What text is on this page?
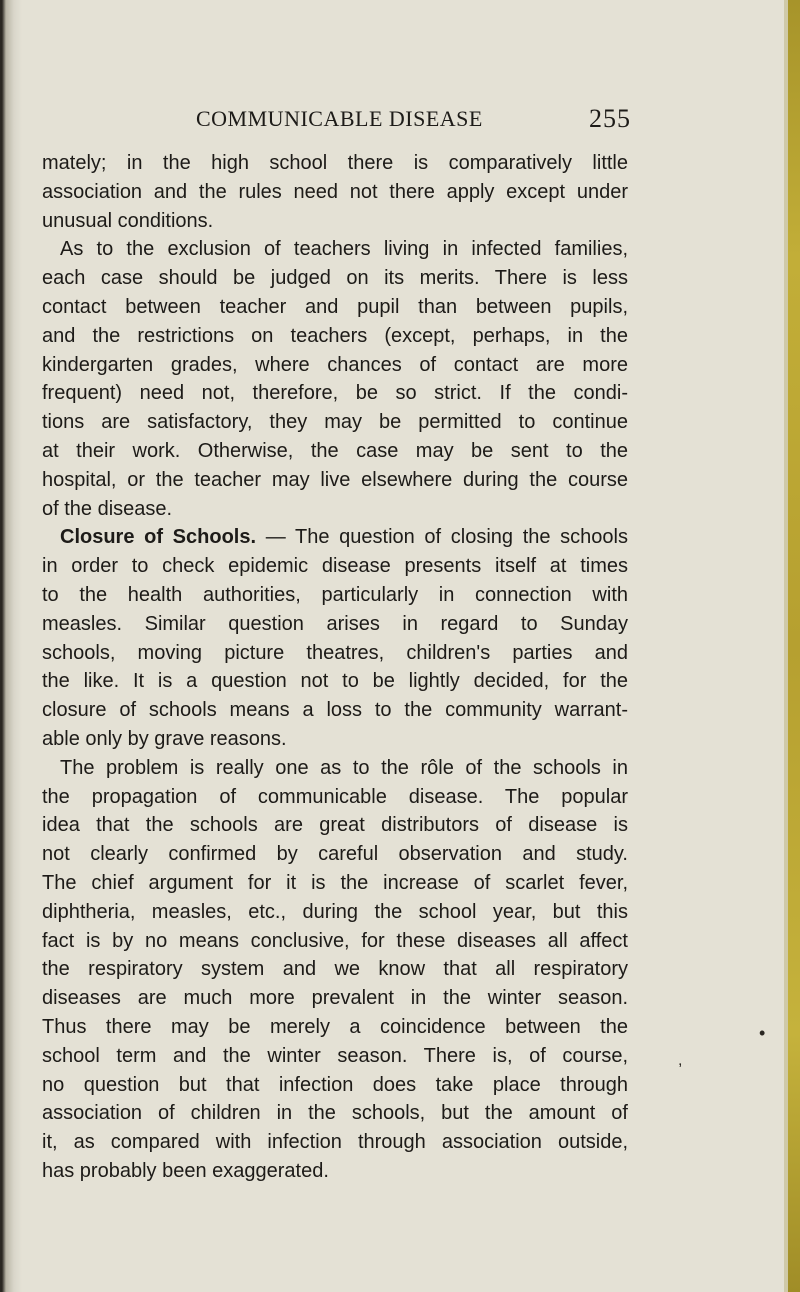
COMMUNICABLE DISEASE	255
mately; in the high school there is comparatively little
association and the rules need not there apply except under
unusual conditions.
As to the exclusion of teachers living in infected families,
each case should be judged on its merits. There is less
contact between teacher and pupil than between pupils,
and the restrictions on teachers (except, perhaps, in the
kindergarten grades, where chances of contact are more
frequent) need not, therefore, be so strict. If the condi-
tions are satisfactory, they may be permitted to continue
at their work. Otherwise, the case may be sent to the
hospital, or the teacher may live elsewhere during the course
of the disease.
Closure of Schools. — The question of closing the schools
in order to check epidemic disease presents itself at times
to the health authorities, particularly in connection with
measles. Similar question arises in regard to Sunday
schools, moving picture theatres, children's parties and
the like. It is a question not to be lightly decided, for the
closure of schools means a loss to the community warrant-
able only by grave reasons.
The problem is really one as to the rôle of the schools in
the propagation of communicable disease. The popular
idea that the schools are great distributors of disease is
not clearly confirmed by careful observation and study.
The chief argument for it is the increase of scarlet fever,
diphtheria, measles, etc., during the school year, but this
fact is by no means conclusive, for these diseases all affect
the respiratory system and we know that all respiratory
diseases are much more prevalent in the winter season.
Thus there may be merely a coincidence between the
school term and the winter season. There is, of course,
no question but that infection does take place through
association of children in the schools, but the amount of
it, as compared with infection through association outside,
has probably been exaggerated.
•
,
